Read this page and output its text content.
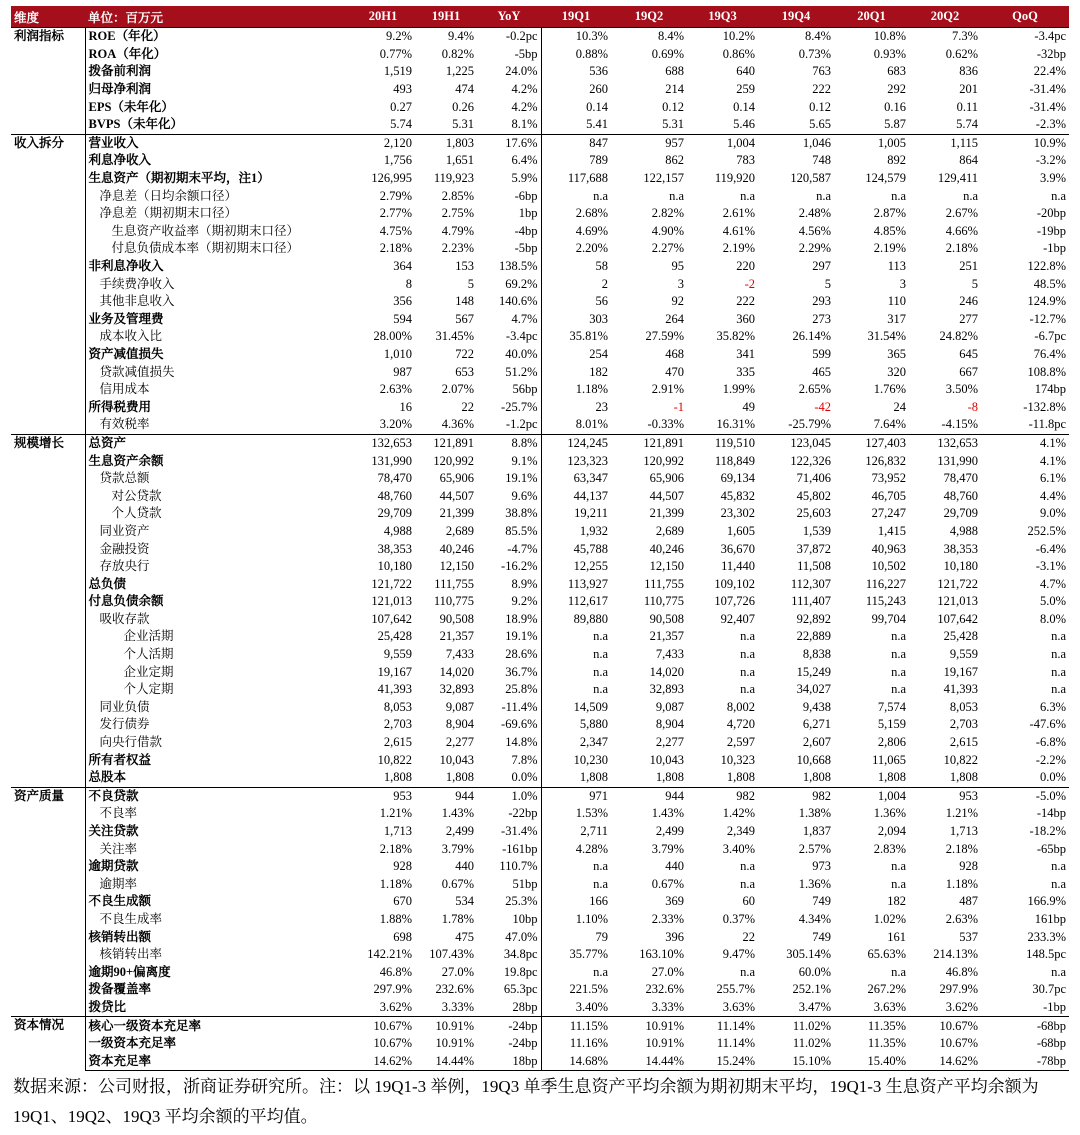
维度	单位：百万元	20H1	19H1	YoY	19Q1	19Q2	19Q3	19Q4	20Q1	20Q2	QoQ
利润指标	ROE（年化）	9.2%	9.4%	-0.2pc	10.3%	8.4%	10.2%	8.4%	10.8%	7.3%	-3.4pc
	ROA（年化）	0.77%	0.82%	-5bp	0.88%	0.69%	0.86%	0.73%	0.93%	0.62%	-32bp
	拨备前利润	1,519	1,225	24.0%	536	688	640	763	683	836	22.4%
	归母净利润	493	474	4.2%	260	214	259	222	292	201	-31.4%
	EPS（未年化）	0.27	0.26	4.2%	0.14	0.12	0.14	0.12	0.16	0.11	-31.4%
	BVPS（未年化）	5.74	5.31	8.1%	5.41	5.31	5.46	5.65	5.87	5.74	-2.3%
收入拆分	营业收入	2,120	1,803	17.6%	847	957	1,004	1,046	1,005	1,115	10.9%
	利息净收入	1,756	1,651	6.4%	789	862	783	748	892	864	-3.2%
	生息资产（期初期末平均，注1）	126,995	119,923	5.9%	117,688	122,157	119,920	120,587	124,579	129,411	3.9%
	净息差（日均余额口径）	2.79%	2.85%	-6bp	n.a	n.a	n.a	n.a	n.a	n.a	n.a
	净息差（期初期末口径）	2.77%	2.75%	1bp	2.68%	2.82%	2.61%	2.48%	2.87%	2.67%	-20bp
	生息资产收益率（期初期末口径）	4.75%	4.79%	-4bp	4.69%	4.90%	4.61%	4.56%	4.85%	4.66%	-19bp
	付息负债成本率（期初期末口径）	2.18%	2.23%	-5bp	2.20%	2.27%	2.19%	2.29%	2.19%	2.18%	-1bp
	非利息净收入	364	153	138.5%	58	95	220	297	113	251	122.8%
	手续费净收入	8	5	69.2%	2	3	-2	5	3	5	48.5%
	其他非息收入	356	148	140.6%	56	92	222	293	110	246	124.9%
	业务及管理费	594	567	4.7%	303	264	360	273	317	277	-12.7%
	成本收入比	28.00%	31.45%	-3.4pc	35.81%	27.59%	35.82%	26.14%	31.54%	24.82%	-6.7pc
	资产减值损失	1,010	722	40.0%	254	468	341	599	365	645	76.4%
	贷款减值损失	987	653	51.2%	182	470	335	465	320	667	108.8%
	信用成本	2.63%	2.07%	56bp	1.18%	2.91%	1.99%	2.65%	1.76%	3.50%	174bp
	所得税费用	16	22	-25.7%	23	-1	49	-42	24	-8	-132.8%
	有效税率	3.20%	4.36%	-1.2pc	8.01%	-0.33%	16.31%	-25.79%	7.64%	-4.15%	-11.8pc
规模增长	总资产	132,653	121,891	8.8%	124,245	121,891	119,510	123,045	127,403	132,653	4.1%
	生息资产余额	131,990	120,992	9.1%	123,323	120,992	118,849	122,326	126,832	131,990	4.1%
	贷款总额	78,470	65,906	19.1%	63,347	65,906	69,134	71,406	73,952	78,470	6.1%
	对公贷款	48,760	44,507	9.6%	44,137	44,507	45,832	45,802	46,705	48,760	4.4%
	个人贷款	29,709	21,399	38.8%	19,211	21,399	23,302	25,603	27,247	29,709	9.0%
	同业资产	4,988	2,689	85.5%	1,932	2,689	1,605	1,539	1,415	4,988	252.5%
	金融投资	38,353	40,246	-4.7%	45,788	40,246	36,670	37,872	40,963	38,353	-6.4%
	存放央行	10,180	12,150	-16.2%	12,255	12,150	11,440	11,508	10,502	10,180	-3.1%
	总负债	121,722	111,755	8.9%	113,927	111,755	109,102	112,307	116,227	121,722	4.7%
	付息负债余额	121,013	110,775	9.2%	112,617	110,775	107,726	111,407	115,243	121,013	5.0%
	吸收存款	107,642	90,508	18.9%	89,880	90,508	92,407	92,892	99,704	107,642	8.0%
	企业活期	25,428	21,357	19.1%	n.a	21,357	n.a	22,889	n.a	25,428	n.a
	个人活期	9,559	7,433	28.6%	n.a	7,433	n.a	8,838	n.a	9,559	n.a
	企业定期	19,167	14,020	36.7%	n.a	14,020	n.a	15,249	n.a	19,167	n.a
	个人定期	41,393	32,893	25.8%	n.a	32,893	n.a	34,027	n.a	41,393	n.a
	同业负债	8,053	9,087	-11.4%	14,509	9,087	8,002	9,438	7,574	8,053	6.3%
	发行债券	2,703	8,904	-69.6%	5,880	8,904	4,720	6,271	5,159	2,703	-47.6%
	向央行借款	2,615	2,277	14.8%	2,347	2,277	2,597	2,607	2,806	2,615	-6.8%
	所有者权益	10,822	10,043	7.8%	10,230	10,043	10,323	10,668	11,065	10,822	-2.2%
	总股本	1,808	1,808	0.0%	1,808	1,808	1,808	1,808	1,808	1,808	0.0%
资产质量	不良贷款	953	944	1.0%	971	944	982	982	1,004	953	-5.0%
	不良率	1.21%	1.43%	-22bp	1.53%	1.43%	1.42%	1.38%	1.36%	1.21%	-14bp
	关注贷款	1,713	2,499	-31.4%	2,711	2,499	2,349	1,837	2,094	1,713	-18.2%
	关注率	2.18%	3.79%	-161bp	4.28%	3.79%	3.40%	2.57%	2.83%	2.18%	-65bp
	逾期贷款	928	440	110.7%	n.a	440	n.a	973	n.a	928	n.a
	逾期率	1.18%	0.67%	51bp	n.a	0.67%	n.a	1.36%	n.a	1.18%	n.a
	不良生成额	670	534	25.3%	166	369	60	749	182	487	166.9%
	不良生成率	1.88%	1.78%	10bp	1.10%	2.33%	0.37%	4.34%	1.02%	2.63%	161bp
	核销转出额	698	475	47.0%	79	396	22	749	161	537	233.3%
	核销转出率	142.21%	107.43%	34.8pc	35.77%	163.10%	9.47%	305.14%	65.63%	214.13%	148.5pc
	逾期90+偏离度	46.8%	27.0%	19.8pc	n.a	27.0%	n.a	60.0%	n.a	46.8%	n.a
	拨备覆盖率	297.9%	232.6%	65.3pc	221.5%	232.6%	255.7%	252.1%	267.2%	297.9%	30.7pc
	拨贷比	3.62%	3.33%	28bp	3.40%	3.33%	3.63%	3.47%	3.63%	3.62%	-1bp
资本情况	核心一级资本充足率	10.67%	10.91%	-24bp	11.15%	10.91%	11.14%	11.02%	11.35%	10.67%	-68bp
	一级资本充足率	10.67%	10.91%	-24bp	11.16%	10.91%	11.14%	11.02%	11.35%	10.67%	-68bp
	资本充足率	14.62%	14.44%	18bp	14.68%	14.44%	15.24%	15.10%	15.40%	14.62%	-78bp

数据来源：公司财报，浙商证券研究所。注：以 19Q1-3 举例，19Q3 单季生息资产平均余额为期初期末平均，19Q1-3 生息资产平均余额为 19Q1、19Q2、19Q3 平均余额的平均值。
